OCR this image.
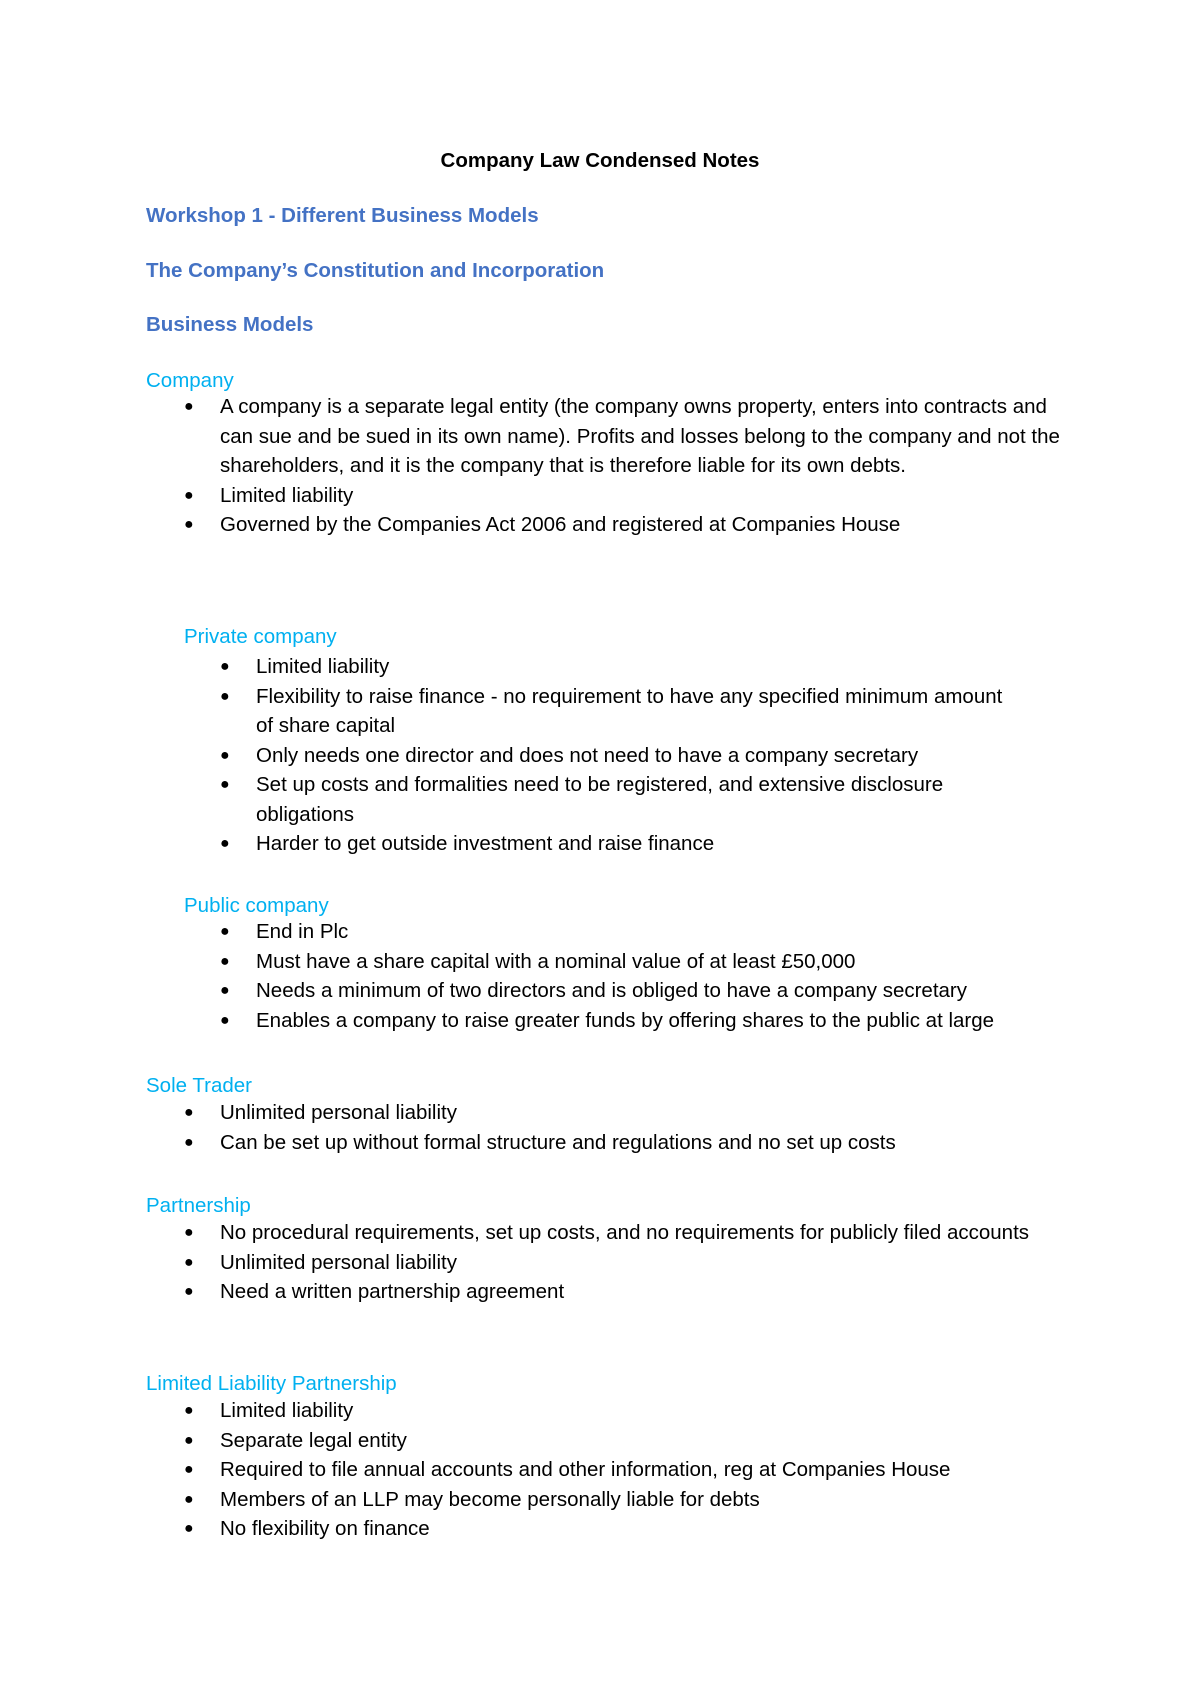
Company Law Condensed Notes
Workshop 1 - Different Business Models
The Company’s Constitution and Incorporation
Business Models
Company
●	A company is a separate legal entity (the company owns property, enters into contracts and can sue and be sued in its own name). Profits and losses belong to the company and not the shareholders, and it is the company that is therefore liable for its own debts.
●	Limited liability
●	Governed by the Companies Act 2006 and registered at Companies House
Private company
●	Limited liability
●	Flexibility to raise finance - no requirement to have any specified minimum amount of share capital
●	Only needs one director and does not need to have a company secretary
●	Set up costs and formalities need to be registered, and extensive disclosure obligations
●	Harder to get outside investment and raise finance
Public company
●	End in Plc
●	Must have a share capital with a nominal value of at least £50,000
●	Needs a minimum of two directors and is obliged to have a company secretary
●	Enables a company to raise greater funds by offering shares to the public at large
Sole Trader
●	Unlimited personal liability
●	Can be set up without formal structure and regulations and no set up costs
Partnership
●	No procedural requirements, set up costs, and no requirements for publicly filed accounts
●	Unlimited personal liability
●	Need a written partnership agreement
Limited Liability Partnership
●	Limited liability
●	Separate legal entity
●	Required to file annual accounts and other information, reg at Companies House
●	Members of an LLP may become personally liable for debts
●	No flexibility on finance
